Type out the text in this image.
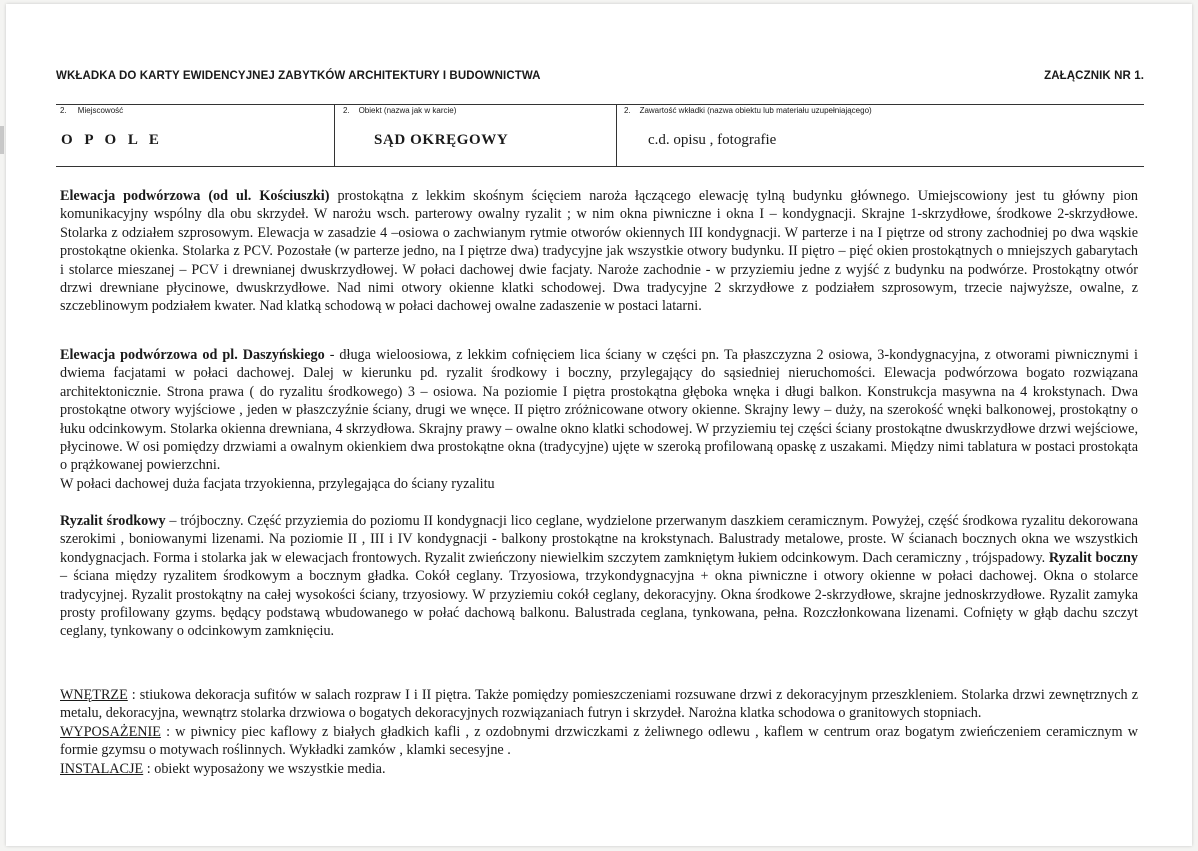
WKŁADKA DO KARTY EWIDENCYJNEJ ZABYTKÓW ARCHITEKTURY I BUDOWNICTWA	ZAŁĄCZNIK NR 1.
2. Miejscowość	2. Obiekt (nazwa jak w karcie)	2. Zawartość wkładki (nazwa obiektu lub materiału uzupełniającego)
O P O L E	SĄD OKRĘGOWY	c.d. opisu , fotografie

Elewacja podwórzowa (od ul. Kościuszki) prostokątna z lekkim skośnym ścięciem naroża łączącego elewację tylną budynku głównego. Umiejscowiony jest tu główny pion komunikacyjny wspólny dla obu skrzydeł. W narożu wsch. parterowy owalny ryzalit ; w nim okna piwniczne i okna I – kondygnacji. Skrajne 1-skrzydłowe, środkowe 2-skrzydłowe. Stolarka z odziałem szprosowym. Elewacja w zasadzie 4 –osiowa o zachwianym rytmie otworów okiennych III kondygnacji. W parterze i na I piętrze od strony zachodniej po dwa wąskie prostokątne okienka. Stolarka z PCV. Pozostałe (w parterze jedno, na I piętrze dwa) tradycyjne jak wszystkie otwory budynku. II piętro – pięć okien prostokątnych o mniejszych gabarytach i stolarce mieszanej – PCV i drewnianej dwuskrzydłowej. W połaci dachowej dwie facjaty. Naroże zachodnie - w przyziemiu jedne z wyjść z budynku na podwórze. Prostokątny otwór drzwi drewniane płycinowe, dwuskrzydłowe. Nad nimi otwory okienne klatki schodowej. Dwa tradycyjne 2 skrzydłowe z podziałem szprosowym, trzecie najwyższe, owalne, z szczeblinowym podziałem kwater. Nad klatką schodową w połaci dachowej owalne zadaszenie w postaci latarni.

Elewacja podwórzowa od pl. Daszyńskiego - długa wieloosiowa, z lekkim cofnięciem lica ściany w części pn. Ta płaszczyzna 2 osiowa, 3-kondygnacyjna, z otworami piwnicznymi i dwiema facjatami w połaci dachowej. Dalej w kierunku pd. ryzalit środkowy i boczny, przylegający do sąsiedniej nieruchomości. Elewacja podwórzowa bogato rozwiązana architektonicznie. Strona prawa ( do ryzalitu środkowego) 3 – osiowa. Na poziomie I piętra prostokątna głęboka wnęka i długi balkon. Konstrukcja masywna na 4 krokstynach. Dwa prostokątne otwory wyjściowe , jeden w płaszczyźnie ściany, drugi we wnęce. II piętro zróżnicowane otwory okienne. Skrajny lewy – duży, na szerokość wnęki balkonowej, prostokątny o łuku odcinkowym. Stolarka okienna drewniana, 4 skrzydłowa. Skrajny prawy – owalne okno klatki schodowej. W przyziemiu tej części ściany prostokątne dwuskrzydłowe drzwi wejściowe, płycinowe. W osi pomiędzy drzwiami a owalnym okienkiem dwa prostokątne okna (tradycyjne) ujęte w szeroką profilowaną opaskę z uszakami. Między nimi tablatura w postaci prostokąta o prążkowanej powierzchni.

W połaci dachowej duża facjata trzyokienna, przylegająca do ściany ryzalitu

Ryzalit środkowy – trójboczny. Część przyziemia do poziomu II kondygnacji lico ceglane, wydzielone przerwanym daszkiem ceramicznym. Powyżej, część środkowa ryzalitu dekorowana szerokimi , boniowanymi lizenami. Na poziomie II , III i IV kondygnacji - balkony prostokątne na krokstynach. Balustrady metalowe, proste. W ścianach bocznych okna we wszystkich kondygnacjach. Forma i stolarka jak w elewacjach frontowych. Ryzalit zwieńczony niewielkim szczytem zamkniętym łukiem odcinkowym. Dach ceramiczny , trójspadowy. Ryzalit boczny – ściana między ryzalitem środkowym a bocznym gładka. Cokół ceglany. Trzyosiowa, trzykondygnacyjna + okna piwniczne i otwory okienne w połaci dachowej. Okna o stolarce tradycyjnej. Ryzalit prostokątny na całej wysokości ściany, trzyosiowy. W przyziemiu cokół ceglany, dekoracyjny. Okna środkowe 2-skrzydłowe, skrajne jednoskrzydłowe. Ryzalit zamyka prosty profilowany gzyms. będący podstawą wbudowanego w połać dachową balkonu. Balustrada ceglana, tynkowana, pełna. Rozczłonkowana lizenami. Cofnięty w głąb dachu szczyt ceglany, tynkowany o odcinkowym zamknięciu.

WNĘTRZE : stiukowa dekoracja sufitów w salach rozpraw I i II piętra. Także pomiędzy pomieszczeniami rozsuwane drzwi z dekoracyjnym przeszkleniem. Stolarka drzwi zewnętrznych z metalu, dekoracyjna, wewnątrz stolarka drzwiowa o bogatych dekoracyjnych rozwiązaniach futryn i skrzydeł. Narożna klatka schodowa o granitowych stopniach.

WYPOSAŻENIE : w piwnicy piec kaflowy z białych gładkich kafli , z ozdobnymi drzwiczkami z żeliwnego odlewu , kaflem w centrum oraz bogatym zwieńczeniem ceramicznym w formie gzymsu o motywach roślinnych. Wykładki zamków , klamki secesyjne .

INSTALACJE : obiekt wyposażony we wszystkie media.
